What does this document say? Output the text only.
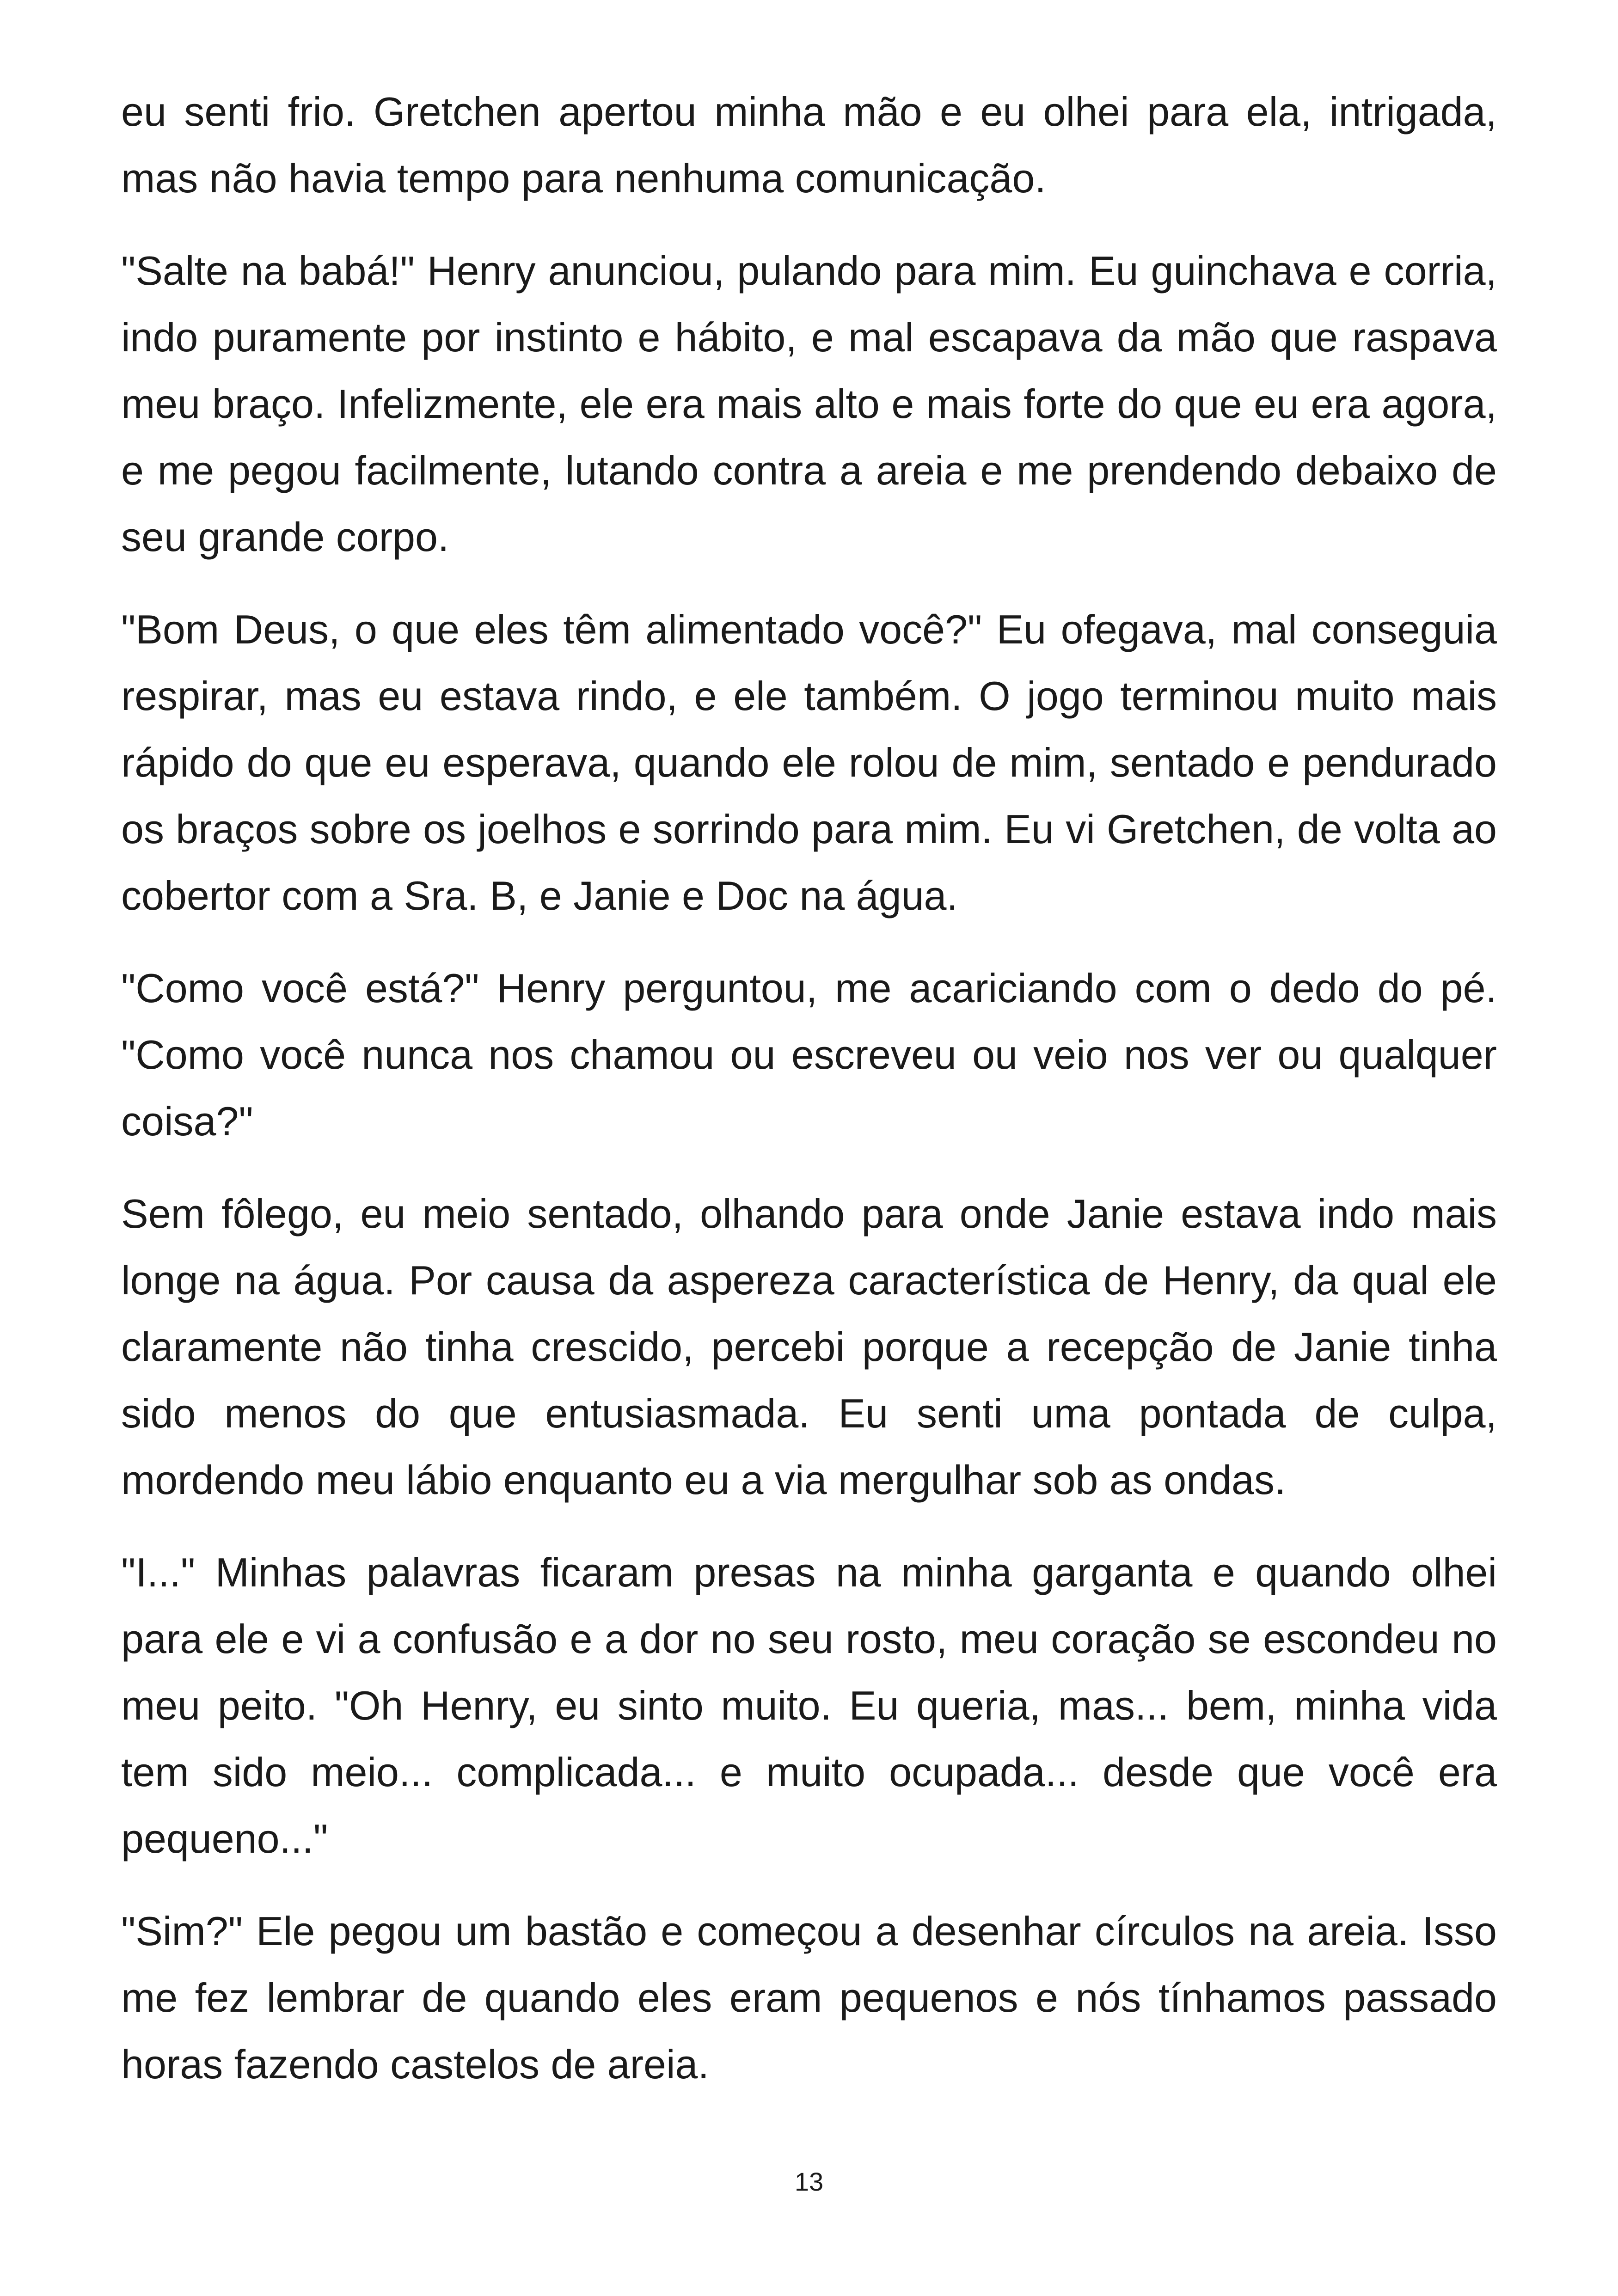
eu senti frio. Gretchen apertou minha mão e eu olhei para ela, intrigada, mas não havia tempo para nenhuma comunicação.

"Salte na babá!" Henry anunciou, pulando para mim. Eu guinchava e corria, indo puramente por instinto e hábito, e mal escapava da mão que raspava meu braço. Infelizmente, ele era mais alto e mais forte do que eu era agora, e me pegou facilmente, lutando contra a areia e me prendendo debaixo de seu grande corpo.

"Bom Deus, o que eles têm alimentado você?" Eu ofegava, mal conseguia respirar, mas eu estava rindo, e ele também. O jogo terminou muito mais rápido do que eu esperava, quando ele rolou de mim, sentado e pendurado os braços sobre os joelhos e sorrindo para mim. Eu vi Gretchen, de volta ao cobertor com a Sra. B, e Janie e Doc na água.

"Como você está?" Henry perguntou, me acariciando com o dedo do pé. "Como você nunca nos chamou ou escreveu ou veio nos ver ou qualquer coisa?"

Sem fôlego, eu meio sentado, olhando para onde Janie estava indo mais longe na água. Por causa da aspereza característica de Henry, da qual ele claramente não tinha crescido, percebi porque a recepção de Janie tinha sido menos do que entusiasmada. Eu senti uma pontada de culpa, mordendo meu lábio enquanto eu a via mergulhar sob as ondas.

"I..." Minhas palavras ficaram presas na minha garganta e quando olhei para ele e vi a confusão e a dor no seu rosto, meu coração se escondeu no meu peito. "Oh Henry, eu sinto muito. Eu queria, mas... bem, minha vida tem sido meio... complicada... e muito ocupada... desde que você era pequeno..."

"Sim?" Ele pegou um bastão e começou a desenhar círculos na areia. Isso me fez lembrar de quando eles eram pequenos e nós tínhamos passado horas fazendo castelos de areia.

13
